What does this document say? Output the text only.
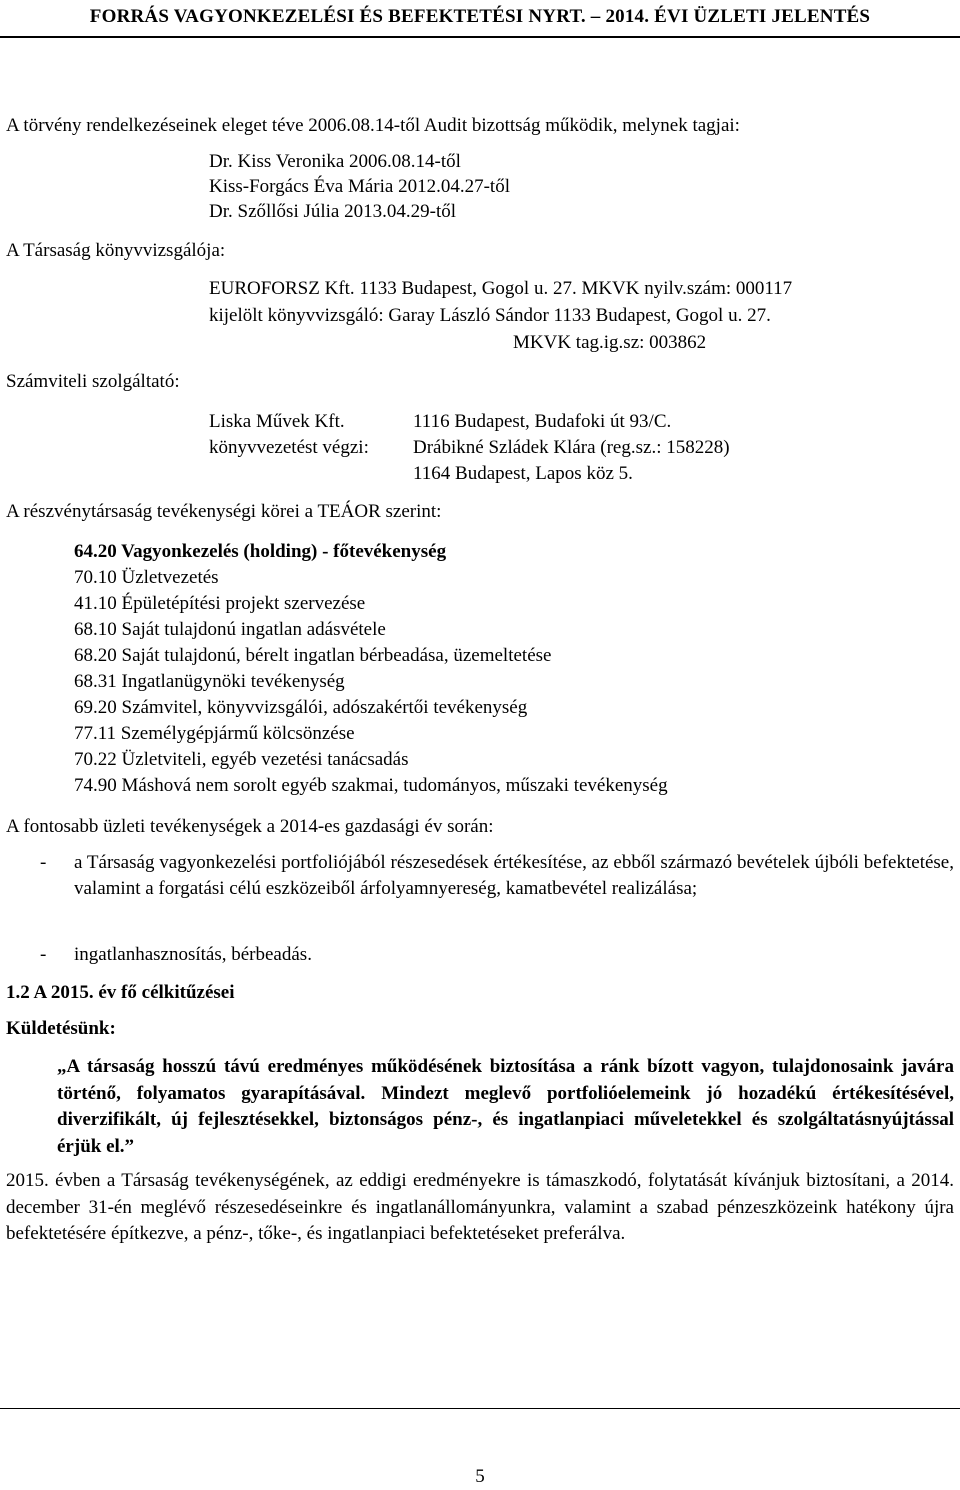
FORRÁS VAGYONKEZELÉSI ÉS BEFEKTETÉSI NYRT. – 2014. ÉVI ÜZLETI JELENTÉS
A törvény rendelkezéseinek eleget téve 2006.08.14-től Audit bizottság működik, melynek tagjai:
Dr. Kiss Veronika 2006.08.14-től
Kiss-Forgács Éva Mária 2012.04.27-től
Dr. Szőllősi Júlia 2013.04.29-től
A Társaság könyvvizsgálója:
EUROFORSZ Kft. 1133 Budapest, Gogol u. 27. MKVK nyilv.szám: 000117
kijelölt könyvvizsgáló: Garay László Sándor 1133 Budapest, Gogol u. 27.
MKVK tag.ig.sz: 003862
Számviteli szolgáltató:
Liska Művek Kft.	1116 Budapest, Budafoki út 93/C.
könyvvezetést végzi: Drábikné Szládek Klára (reg.sz.: 158228)
1164 Budapest, Lapos köz 5.
A részvénytársaság tevékenységi körei a TEÁOR szerint:
64.20 Vagyonkezelés (holding) - főtevékenység
70.10 Üzletvezetés
41.10 Épületépítési projekt szervezése
68.10 Saját tulajdonú ingatlan adásvétele
68.20 Saját tulajdonú, bérelt ingatlan bérbeadása, üzemeltetése
68.31 Ingatlanügynöki tevékenység
69.20 Számvitel, könyvvizsgálói, adószakértői tevékenység
77.11 Személygépjármű kölcsönzése
70.22 Üzletviteli, egyéb vezetési tanácsadás
74.90 Máshová nem sorolt egyéb szakmai, tudományos, műszaki tevékenység
A fontosabb üzleti tevékenységek a 2014-es gazdasági év során:
- a Társaság vagyonkezelési portfoliójából részesedések értékesítése, az ebből származó bevételek újbóli befektetése, valamint a forgatási célú eszközeiből árfolyamnyereség, kamatbevétel realizálása;
- ingatlanhasznosítás, bérbeadás.
1.2 A 2015. év fő célkitűzései
Küldetésünk:
„A társaság hosszú távú eredményes működésének biztosítása a ránk bízott vagyon, tulajdonosaink javára történő, folyamatos gyarapításával. Mindezt meglevő portfolióelemeink jó hozadékú értékesítésével, diverzifikált, új fejlesztésekkel, biztonságos pénz-, és ingatlanpiaci műveletekkel és szolgáltatásnyújtással érjük el.”
2015. évben a Társaság tevékenységének, az eddigi eredményekre is támaszkodó, folytatását kívánjuk biztosítani, a 2014. december 31-én meglévő részesedéseinkre és ingatlanállományunkra, valamint a szabad pénzeszközeink hatékony újra befektetésére építkezve, a pénz-, tőke-, és ingatlanpiaci befektetéseket preferálva.
5
